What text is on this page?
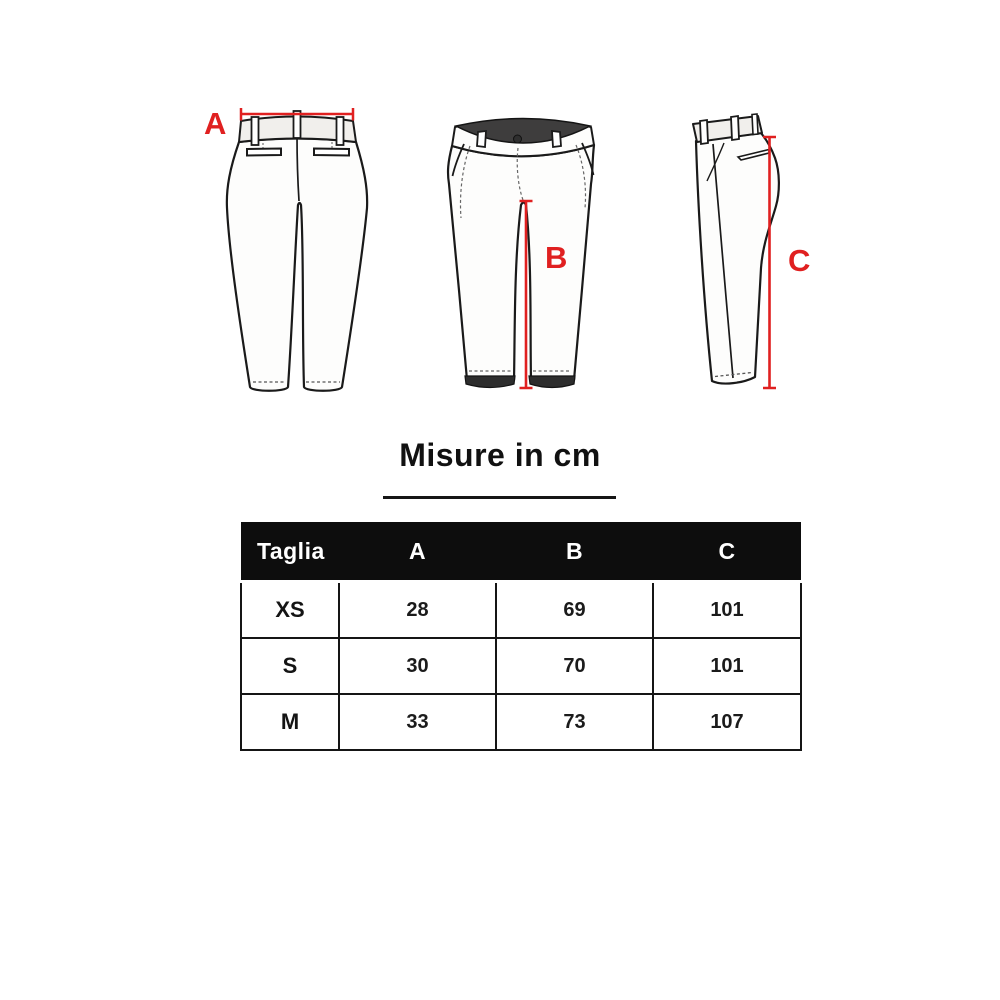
A
B	C
Misure in cm
Taglia	A	B	C
XS	28	69	101
S	30	70	101
M	33	73	107
